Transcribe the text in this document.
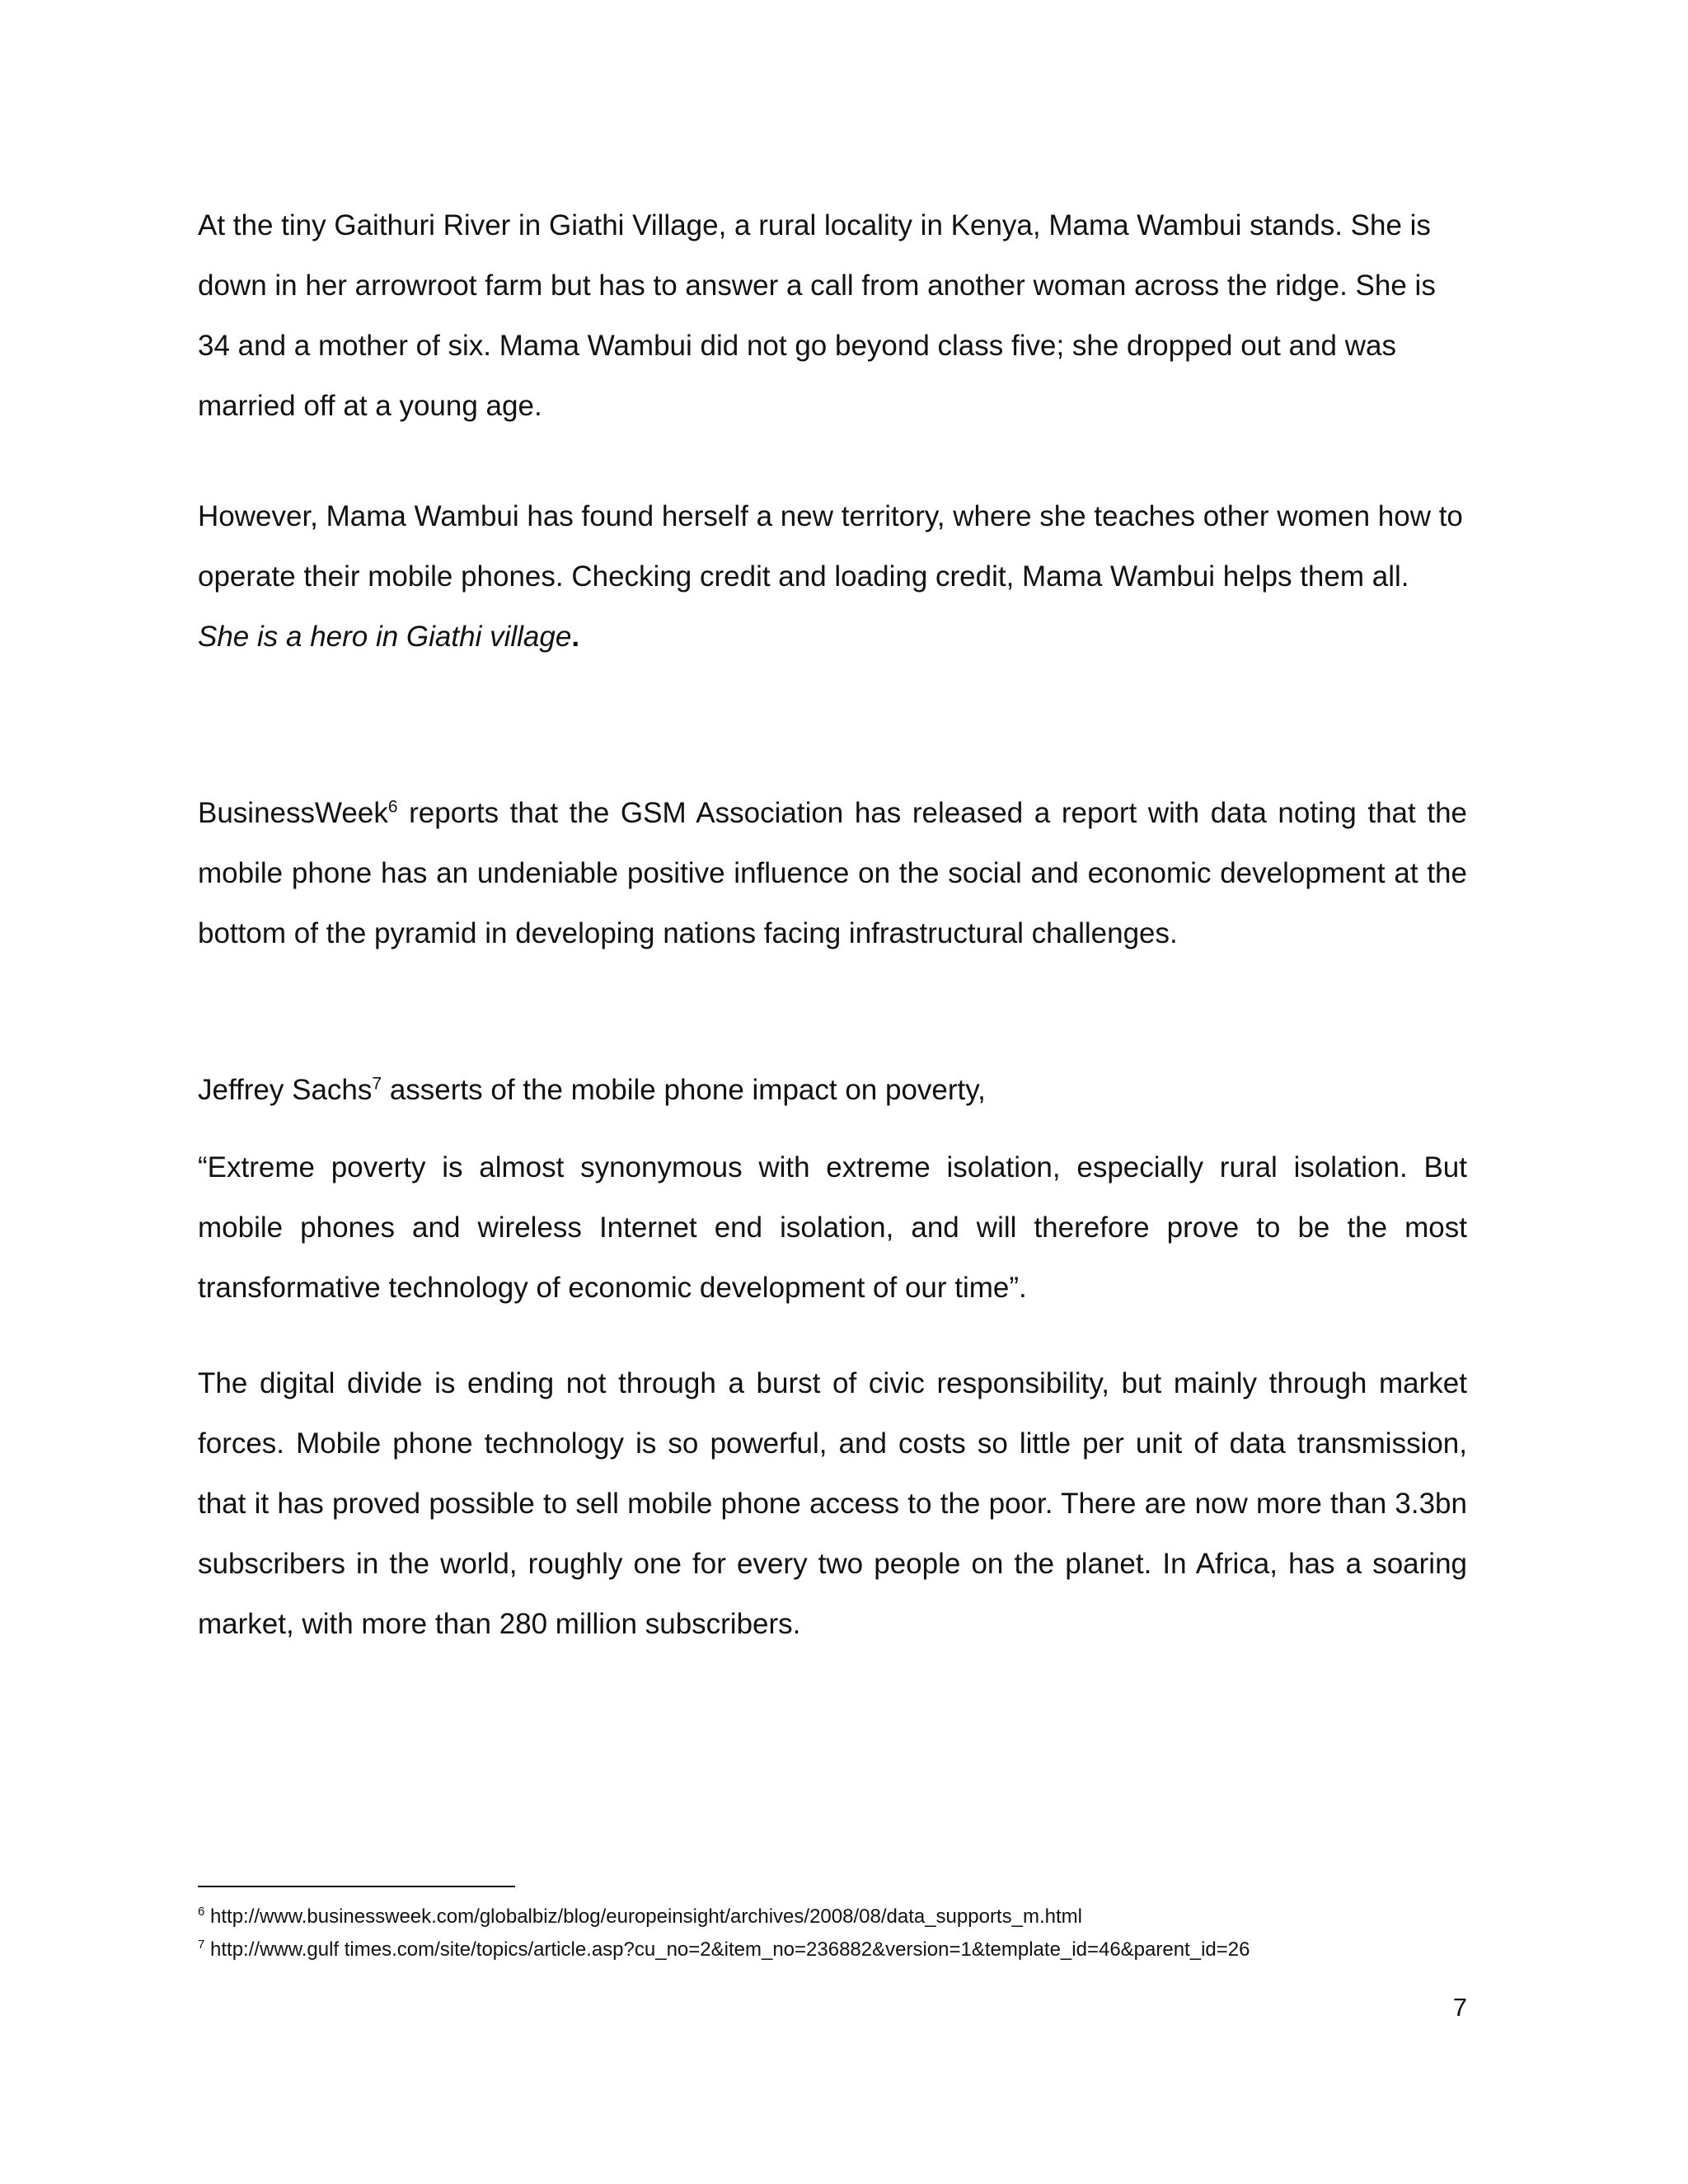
At the tiny Gaithuri River in Giathi Village, a rural locality in Kenya, Mama Wambui stands. She is down in her arrowroot farm but has to answer a call from another woman across the ridge. She is 34 and a mother of six. Mama Wambui did not go beyond class five; she dropped out and was married off at a young age.

However, Mama Wambui has found herself a new territory, where she teaches other women how to operate their mobile phones. Checking credit and loading credit, Mama Wambui helps them all. She is a hero in Giathi village.

BusinessWeek$^6$ reports that the GSM Association has released a report with data noting that the mobile phone has an undeniable positive influence on the social and economic development at the bottom of the pyramid in developing nations facing infrastructural challenges.

Jeffrey Sachs$^7$ asserts of the mobile phone impact on poverty,

“Extreme poverty is almost synonymous with extreme isolation, especially rural isolation. But mobile phones and wireless Internet end isolation, and will therefore prove to be the most transformative technology of economic development of our time”.

The digital divide is ending not through a burst of civic responsibility, but mainly through market forces. Mobile phone technology is so powerful, and costs so little per unit of data transmission, that it has proved possible to sell mobile phone access to the poor. There are now more than 3.3bn subscribers in the world, roughly one for every two people on the planet. In Africa, has a soaring market, with more than 280 million subscribers.

$^6$ http://www.businessweek.com/globalbiz/blog/europeinsight/archives/2008/08/data_supports_m.html
$^7$ http://www.gulf times.com/site/topics/article.asp?cu_no=2&item_no=236882&version=1&template_id=46&parent_id=26
7
